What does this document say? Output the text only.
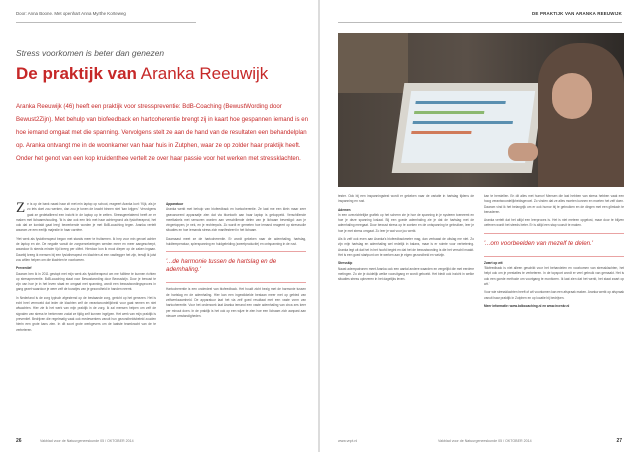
Door: Anna Boone. Met openhart Anna Myrthe Korteweg
Stress voorkomen is beter dan genezen
De praktijk van Aranka Reeuwijk
Aranka Reeuwijk (46) heeft een praktijk voor stresspreventie: BdB-Coaching (BewustWording door Bewust2Zijn). Met behulp van biofeedback en hartcoherentie brengt zij in kaart hoe gespannen iemand is en hoe iemand omgaat met die spanning. Vervolgens stelt ze aan de hand van de resultaten een behandelplan op. Aranka ontvangt me in de woonkamer van haar huis in Zutphen, waar ze op zolder haar praktijk heeft. Onder het genot van een kop kruidenthee vertelt ze over haar passie voor het werken met stressklachten.

Ze is op de bank naast haar zit met min laptop op schoot, reageert Aranka kort: 'Kijk, als je zo iets doet zou werken, dan zou je tonen de kracht binnen niet 'kan krijgen.' Vervolgens gaat ze gedetailleerd een inzicht in de laptop op te zetten. Stressgerelateerd heeft ze er maken met lichaamshouding. 'Ik is dan ook een link met haar achtergrond als fysiotherapeut, het ook dat ze kontakt gaat leeg' bewerkende worden je met BdB-coaching tegen. Aranka vertelt waarom ze een eerlijk majestie in haar carrière.

'Het werk als fysiotherapeut begon met stands meer te fruitserren. Ik hep voor min gevoel achter de laptop en zie. De negatie vanuit de zorgverzekeringen werden meer en meer aangescherpt, waardoor ik steeds minder tijd kreeg per cliënt. Hierdoor kon ik mooi dieper op de zaken ingaan. Daarbij kreeg ik mensen bij een fysiotherapeut en klachten al een vastlegger het zijn, terwijl ik juist zou willen helpen om die klachten te voorkomen.

Preventief

Daarom ben ik in 2011 gestopt met mijn werk als fysiotherapeut om me fulltime te kunnen richten op stresspreventie. BdB-coaching staat voor Bewustwording door Bewustzijn. Door je bewust te zijn van hoe je in het leven staat en omgaat met spanning, wordt een bewustwordingsproces in gang gezet waardoor je weer zelf de touwtjes van je gezondheid in handen neemt.

In Nederland is de zorg typisch afgestemd op de bestaande zorg, gericht op het genezen. Het is echt heel vermoeid dat ieder de klachten zelf de verantwoordelijkheid voor gaat nemen en niet afwachten. Hier zie ik het werk van mijn praktijk in de zorg. Ik zal mensen helpen om zelf de signalen van stress te herkennen zodat ze tijdig zelf kunnen ingrijpen. Het werk van mijn praktijk is preventief. Bedrijven die regelmatig vaak ook medewerkers vanuit hun gezondheidsbeleid zouden hierin een grote kans zien. In dit soort grote werkgevers om de laatste teamkracht van de te verbeteren.

Apparatuur

Aranka werkt met behulp van biofeedback en hartcoherentie. Ze laat me een klein maar zeer geavanceerd apparaatje zien dat via bluetooth aan haar laptop is gekoppeld. Verschillende meetkabels met sensoren worden aan verschillende delen van je lichaam bevestigd: aan je vingertoppen, je nek, en je rechterpols. Zo wordt er gemeten hoe iemand reageert op stressvolle situaties en hoe iemands stress zich manifesteert in het lichaam.

Daarnaast meet ze de hartcoherentie. Er wordt gekeken naar de ademhaling, hartslag, huidtemperatuur, spierspanning en huidgeleiding (zweetproductie) en ontspanning in de rust.

'...de harmonie tussen de hartslag en de ademhaling.'

Hartcoherentie is een onderdeel van biofeedback. Het houdt zicht bezig met de harmonie tussen de hartslag en de ademhaling. Hier kan een ingewikkelde bestaan meer met op gebied van zelfwerkzaamheid. De apparatuur laat het via zelf goed resultaat met een vaste vorm van hartcoherentie. Voor het onderzoek laat Aranka iemand een vaste ademhaling van circa zes keer per minuut doen. In de praktijk is het ook op een wijze te zien hoe een lichaam zich aanpast aan nieuwe omstandigheden.

Vakblad voor de Natuurgeneeskunde 05 / OKTOBER 2014
26
DE PRAKTIJK VAN ARANKA REEUWIJK

tester. Ook bij een inspanningstest wordt er gekeken naar de variatie in hartslag tijdens de inspanning en rust.

Ademen

In een overzichtelijke grafiek op het scherm zie je hoe de spanning in je systeem toeneemt en hoe je deze spanning loslaat. Bij een goede ademhaling zie je dat de hartslag met de ademhaling meegaat. Door bewust stress op te zoeken en de ontspanning te gebruiken, leer je hoe je met stress omgaat. Zo leer je wat voor jou werkt.

Als ik zelf ook even aan Aranka's biofeedbackmeter mag, dan verbaast de uitslag me niet. Zo zijn mijn hartslag en ademhaling wel redelijk in balans, maar is er ruimte voor verbetering. Aranka legt uit dat het in het hoofd begint en dat het de bewustwording is die het verschil maakt. Het is een goed startpunt om te werken aan je eigen gezondheid en welzijn.

Stresskip

Naast adempatronen meet Aranka ook een aantal andere waarden en vergelijkt die met eerdere metingen. Zo zie je duidelijk welke vooruitgang er wordt geboekt. Het biedt ook inzicht in welke situaties stress opleveren in het dagelijks leven.

kan te herstellen. En dit alles met humor! Mensen die last hebben van stress hebben vaak een hoog verantwoordelijkheidsgevoel. Zo vinden dat ze alles moeten kunnen en moeten het zelf doen. Daarom vind ik het belangrijk om er ook humor bij te gebruiken en de dingen met een glimlach te benaderen.

Aranka vertelt dat het altijd een leerproces is. Het is niet meteen opgelost, maar door te blijven oefenen wordt het steeds beter. Er is altijd een stap vooruit te maken.

'...om voorbeelden van mezelf te delen.'
Zwart op wit

'Biofeedback is niet alleen geschikt voor het behandelen en voorkomen van stressklachten, het helpt ook om je prestaties te verbeteren. In de topsport wordt er veel gebruik van gemaakt. Het is ook een goede methode om voortgang te monitoren. Ik laat zien dat het werkt, het staat zwart op wit.'

Voor wie stressklachten heeft of wil voorkomen kan een afspraak maken. Aranka werkt op afspraak vanuit haar praktijk in Zutphen en op locatie bij bedrijven.

Meer informatie: www.bdbcoaching.nl en www.ircenkr.nl

www.vnpt.nl	Vakblad voor de Natuurgeneeskunde 05 / OKTOBER 2014	27
